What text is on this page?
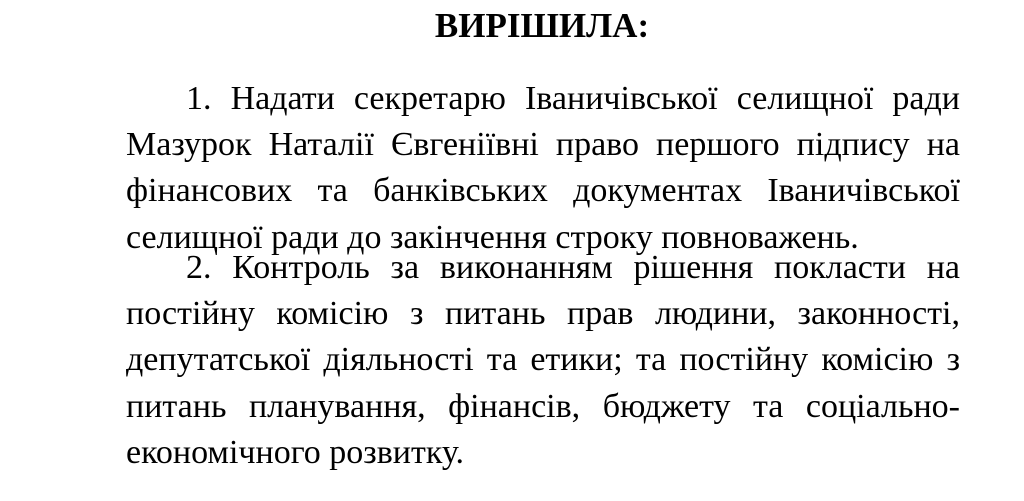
ВИРІШИЛА:

1. Надати секретарю Іваничівської селищної ради Мазурок Наталії Євгеніївні право першого підпису на фінансових та банківських документах Іваничівської селищної ради до закінчення строку повноважень.

2. Контроль за виконанням рішення покласти на постійну комісію з питань прав людини, законності, депутатської діяльності та етики; та постійну комісію з питань планування, фінансів, бюджету та соціально-економічного розвитку.
